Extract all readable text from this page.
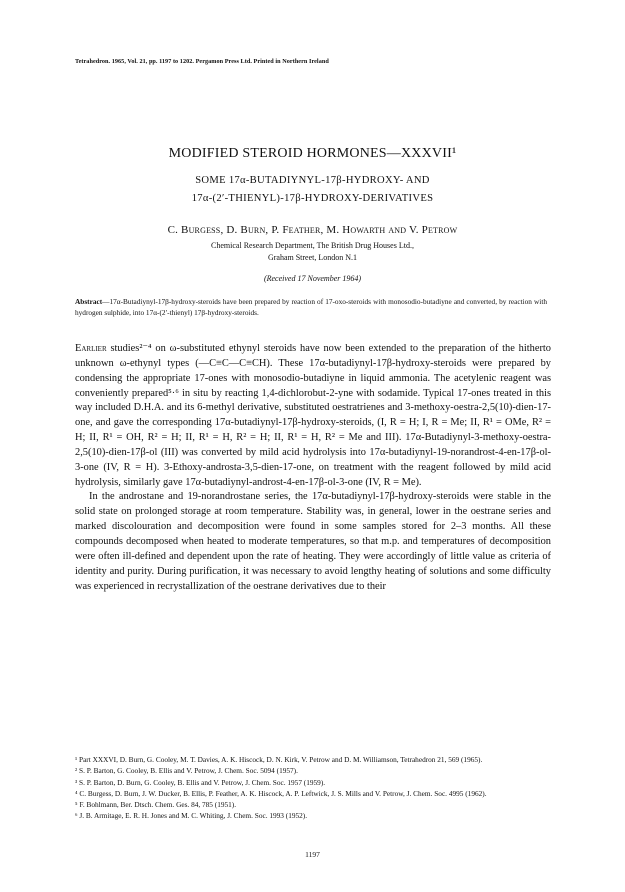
Tetrahedron. 1965, Vol. 21, pp. 1197 to 1202. Pergamon Press Ltd. Printed in Northern Ireland
MODIFIED STEROID HORMONES—XXXVII¹
SOME 17α-BUTADIYNYL-17β-HYDROXY- AND
17α-(2′-THIENYL)-17β-HYDROXY-DERIVATIVES
C. Burgess, D. Burn, P. Feather, M. Howarth and V. Petrow
Chemical Research Department, The British Drug Houses Ltd.,
Graham Street, London N.1
(Received 17 November 1964)
Abstract—17α-Butadiynyl-17β-hydroxy-steroids have been prepared by reaction of 17-oxo-steroids with monosodio-butadiyne and converted, by reaction with hydrogen sulphide, into 17α-(2′-thienyl) 17β-hydroxy-steroids.

Earlier studies²⁻⁴ on ω-substituted ethynyl steroids have now been extended to the preparation of the hitherto unknown ω-ethynyl types (—C≡C—C≡CH). These 17α-butadiynyl-17β-hydroxy-steroids were prepared by condensing the appropriate 17-ones with monosodio-butadiyne in liquid ammonia. The acetylenic reagent was conveniently prepared⁵·⁶ in situ by reacting 1,4-dichlorobut-2-yne with sodamide. Typical 17-ones treated in this way included D.H.A. and its 6-methyl derivative, substituted oestratrienes and 3-methoxy-oestra-2,5(10)-dien-17-one, and gave the corresponding 17α-butadiynyl-17β-hydroxy-steroids, (I, R = H; I, R = Me; II, R¹ = OMe, R² = H; II, R¹ = OH, R² = H; II, R¹ = H, R² = H; II, R¹ = H, R² = Me and III). 17α-Butadiynyl-3-methoxy-oestra-2,5(10)-dien-17β-ol (III) was converted by mild acid hydrolysis into 17α-butadiynyl-19-norandrost-4-en-17β-ol-3-one (IV, R = H). 3-Ethoxy-androsta-3,5-dien-17-one, on treatment with the reagent followed by mild acid hydrolysis, similarly gave 17α-butadiynyl-androst-4-en-17β-ol-3-one (IV, R = Me).

In the androstane and 19-norandrostane series, the 17α-butadiynyl-17β-hydroxy-steroids were stable in the solid state on prolonged storage at room temperature. Stability was, in general, lower in the oestrane series and marked discolouration and decomposition were found in some samples stored for 2–3 months. All these compounds decomposed when heated to moderate temperatures, so that m.p. and temperatures of decomposition were often ill-defined and dependent upon the rate of heating. They were accordingly of little value as criteria of identity and purity. During purification, it was necessary to avoid lengthy heating of solutions and some difficulty was experienced in recrystallization of the oestrane derivatives due to their

¹ Part XXXVI, D. Burn, G. Cooley, M. T. Davies, A. K. Hiscock, D. N. Kirk, V. Petrow and D. M. Williamson, Tetrahedron 21, 569 (1965).
² S. P. Barton, G. Cooley, B. Ellis and V. Petrow, J. Chem. Soc. 5094 (1957).
³ S. P. Barton, D. Burn, G. Cooley, B. Ellis and V. Petrow, J. Chem. Soc. 1957 (1959).
⁴ C. Burgess, D. Burn, J. W. Ducker, B. Ellis, P. Feather, A. K. Hiscock, A. P. Leftwick, J. S. Mills and V. Petrow, J. Chem. Soc. 4995 (1962).
⁵ F. Bohlmann, Ber. Dtsch. Chem. Ges. 84, 785 (1951).
⁶ J. B. Armitage, E. R. H. Jones and M. C. Whiting, J. Chem. Soc. 1993 (1952).
1197
